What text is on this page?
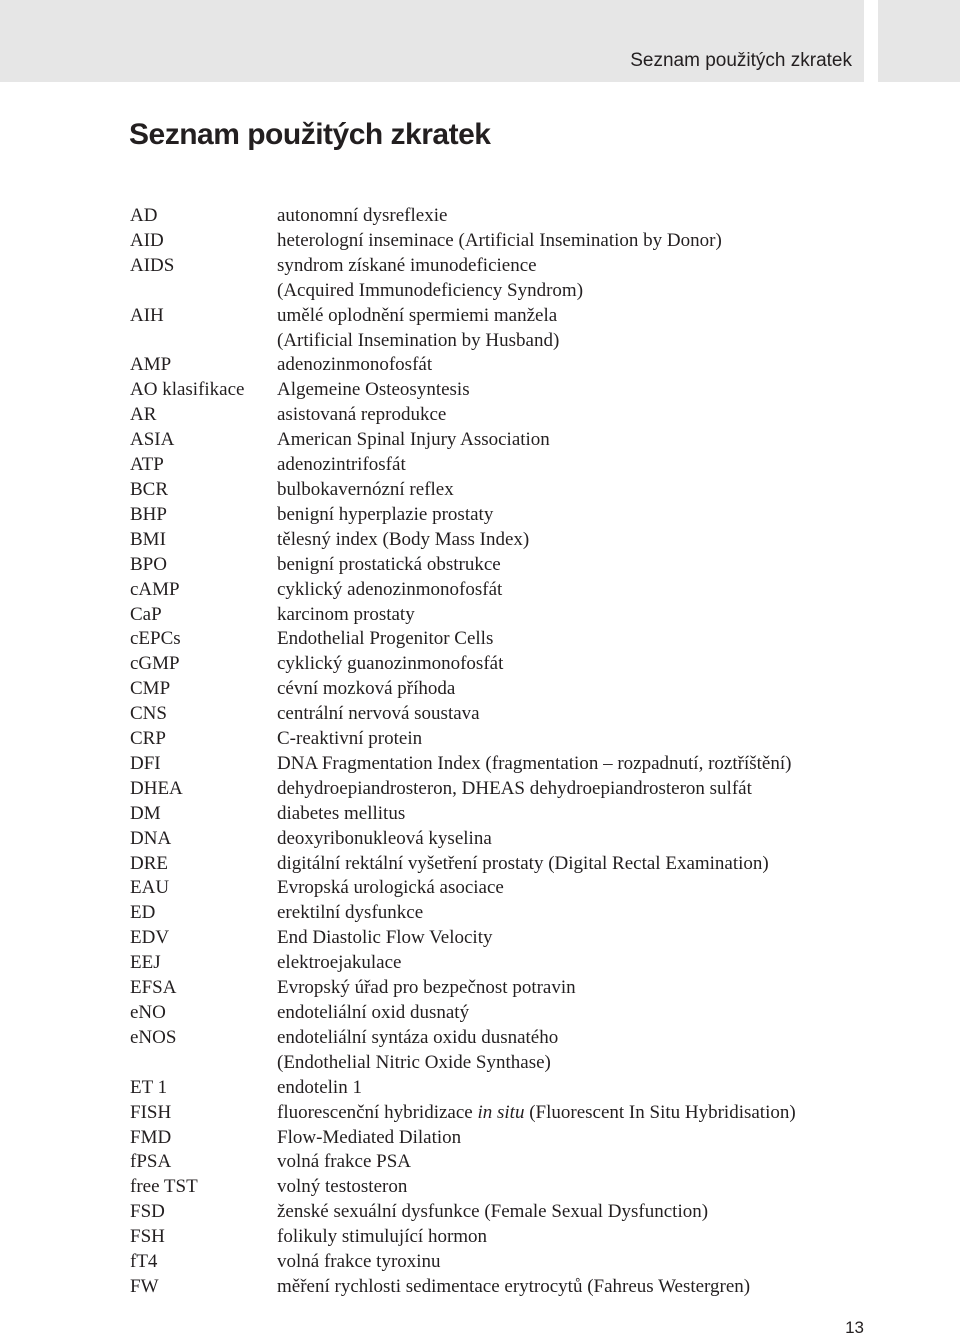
Seznam použitých zkratek
Seznam použitých zkratek
AD	autonomní dysreflexie
AID	heterologní inseminace (Artificial Insemination by Donor)
AIDS	syndrom získané imunodeficience
(Acquired Immunodeficiency Syndrom)
AIH	umělé oplodnění spermiemi manžela
(Artificial Insemination by Husband)
AMP	adenozinmonofosfát
AO klasifikace	Algemeine Osteosyntesis
AR	asistovaná reprodukce
ASIA	American Spinal Injury Association
ATP	adenozintrifosfát
BCR	bulbokavernózní reflex
BHP	benigní hyperplazie prostaty
BMI	tělesný index (Body Mass Index)
BPO	benigní prostatická obstrukce
cAMP	cyklický adenozinmonofosfát
CaP	karcinom prostaty
cEPCs	Endothelial Progenitor Cells
cGMP	cyklický guanozinmonofosfát
CMP	cévní mozková příhoda
CNS	centrální nervová soustava
CRP	C-reaktivní protein
DFI	DNA Fragmentation Index (fragmentation – rozpadnutí, roztříštění)
DHEA	dehydroepiandrosteron, DHEAS dehydroepiandrosteron sulfát
DM	diabetes mellitus
DNA	deoxyribonukleová kyselina
DRE	digitální rektální vyšetření prostaty (Digital Rectal Examination)
EAU	Evropská urologická asociace
ED	erektilní dysfunkce
EDV	End Diastolic Flow Velocity
EEJ	elektroejakulace
EFSA	Evropský úřad pro bezpečnost potravin
eNO	endoteliální oxid dusnatý
eNOS	endoteliální syntáza oxidu dusnatého
(Endothelial Nitric Oxide Synthase)
ET 1	endotelin 1
FISH	fluorescenční hybridizace in situ (Fluorescent In Situ Hybridisation)
FMD	Flow-Mediated Dilation
fPSA	volná frakce PSA
free TST	volný testosteron
FSD	ženské sexuální dysfunkce (Female Sexual Dysfunction)
FSH	folikuly stimulující hormon
fT4	volná frakce tyroxinu
FW	měření rychlosti sedimentace erytrocytů (Fahreus Westergren)
13
